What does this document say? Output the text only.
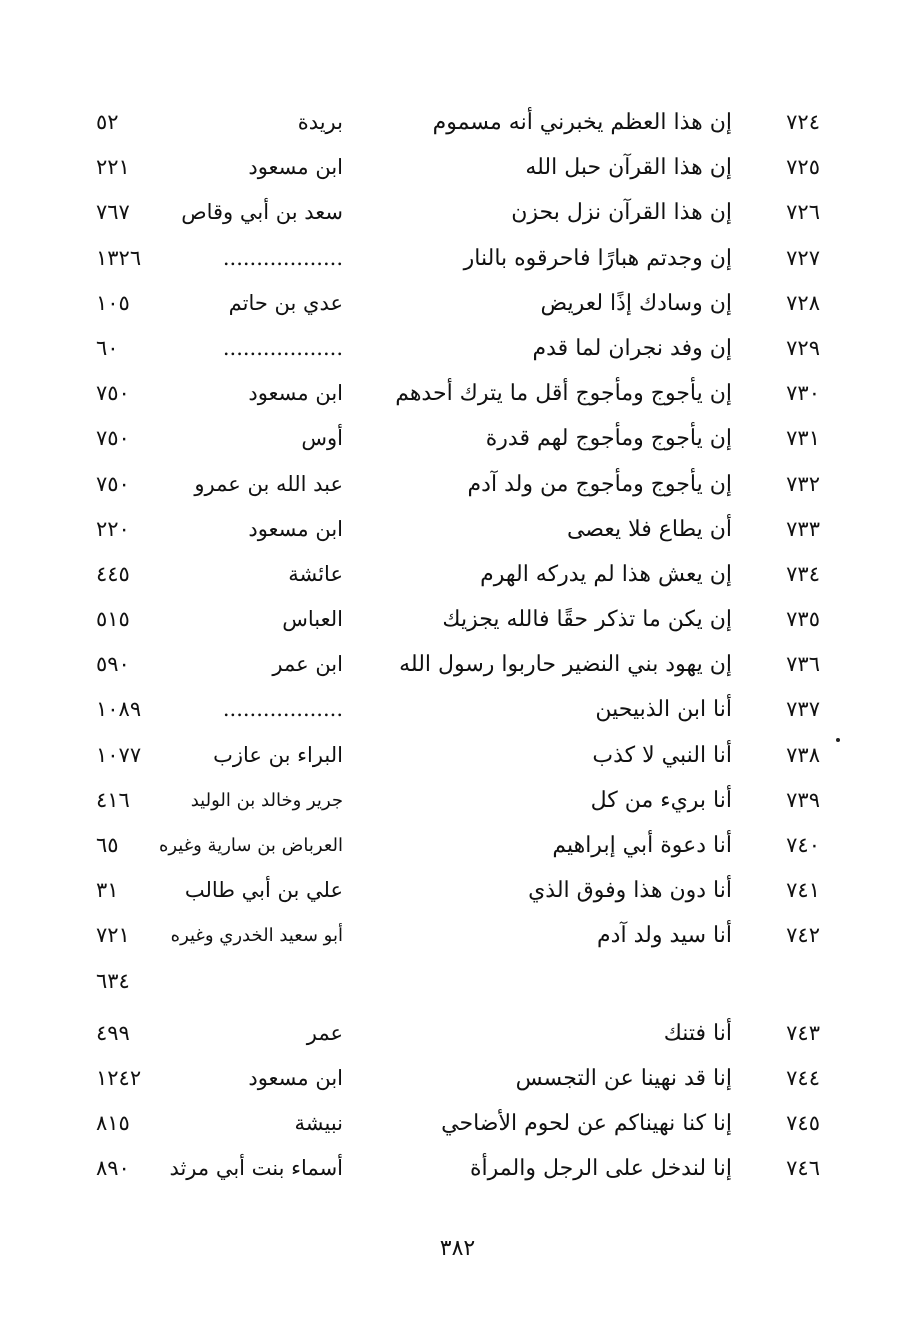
٧٢٤
إن هذا العظم يخبرني أنه مسموم
بريدة
٥٢
٧٢٥
إن هذا القرآن حبل الله
ابن مسعود
٢٢١
٧٢٦
إن هذا القرآن نزل بحزن
سعد بن أبي وقاص
٧٦٧
٧٢٧
إن وجدتم هبارًا فاحرقوه بالنار
..................
١٣٢٦
٧٢٨
إن وسادك إذًا لعريض
عدي بن حاتم
١٠٥
٧٢٩
إن وفد نجران لما قدم
..................
٦٠
٧٣٠
إن يأجوج ومأجوج أقل ما يترك أحدهم
ابن مسعود
٧٥٠
٧٣١
إن يأجوج ومأجوج لهم قدرة
أوس
٧٥٠
٧٣٢
إن يأجوج ومأجوج من ولد آدم
عبد الله بن عمرو
٧٥٠
٧٣٣
أن يطاع فلا يعصى
ابن مسعود
٢٢٠
٧٣٤
إن يعش هذا لم يدركه الهرم
عائشة
٤٤٥
٧٣٥
إن يكن ما تذكر حقًا فالله يجزيك
العباس
٥١٥
٧٣٦
إن يهود بني النضير حاربوا رسول الله
ابن عمر
٥٩٠
٧٣٧
أنا ابن الذبيحين
..................
١٠٨٩
٧٣٨
أنا النبي لا كذب
البراء بن عازب
١٠٧٧
٧٣٩
أنا بريء من كل
جرير وخالد بن الوليد
٤١٦
٧٤٠
أنا دعوة أبي إبراهيم
العرباض بن سارية وغيره
٦٥
٧٤١
أنا دون هذا وفوق الذي
علي بن أبي طالب
٣١
٧٤٢
أنا سيد ولد آدم
أبو سعيد الخدري وغيره
٧٢١
٦٣٤
٧٤٣
أنا فتنك
عمر
٤٩٩
٧٤٤
إنا قد نهينا عن التجسس
ابن مسعود
١٢٤٢
٧٤٥
إنا كنا نهيناكم عن لحوم الأضاحي
نبيشة
٨١٥
٧٤٦
إنا لندخل على الرجل والمرأة
أسماء بنت أبي مرثد
٨٩٠
٣٨٢
